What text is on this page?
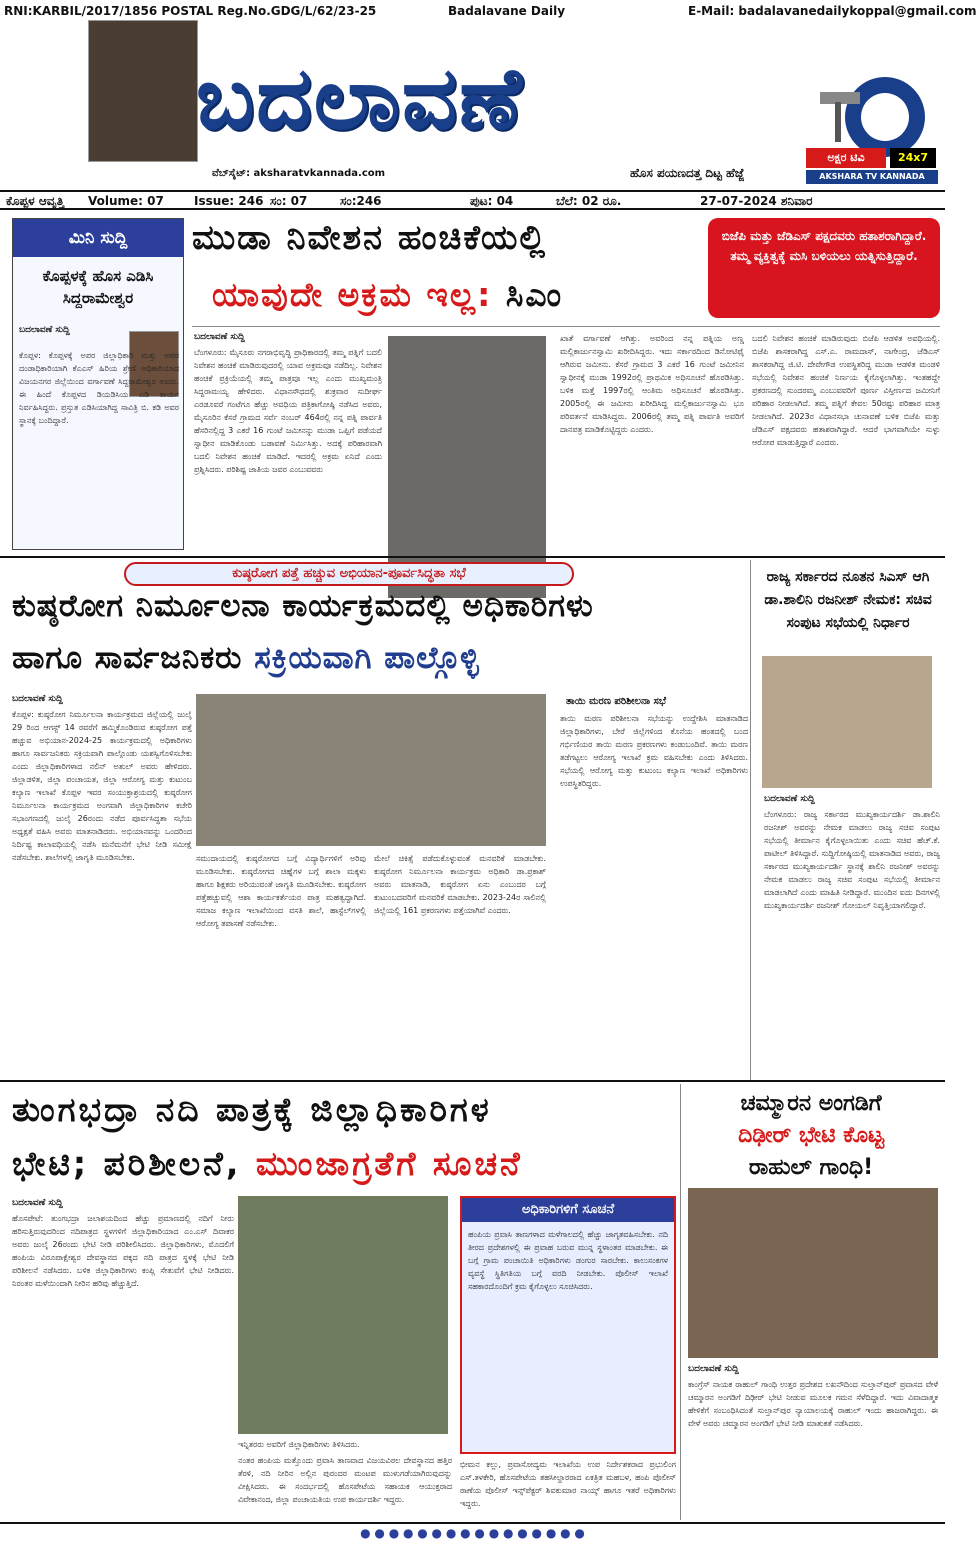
RNI:KARBIL/2017/1856 POSTAL Reg.No.GDG/L/62/23-25	Badalavane Daily	E-Mail: badalavanedailykoppal@gmail.com
ಬದಲಾವಣೆ
ವೆಬ್‌ಸೈಟ್: aksharatvkannada.com	ಹೊಸ ಪಯಣದತ್ತ ದಿಟ್ಟ ಹೆಜ್ಜೆ
ಅಕ್ಷರ ಟಿವಿ	24x7
AKSHARA TV KANNADA
ಕೊಪ್ಪಳ ಆವೃತ್ತಿ Volume: 07	Issue: 246 ಸಂ: 07	ಸಂ:246	ಪುಟ: 04	ಬೆಲೆ: 02 ರೂ.	27-07-2024 ಶನಿವಾರ
ಮಿನಿ ಸುದ್ದಿ
ಕೊಪ್ಪಳಕ್ಕೆ ಹೊಸ ಎಡಿಸಿ ಸಿದ್ದರಾಮೇಶ್ವರ
ಬದಲಾವಣೆ ಸುದ್ದಿ
ಕೊಪ್ಪಳ: ಕೊಪ್ಪಳಕ್ಕೆ ಅಪರ ಜಿಲ್ಲಾಧಿಕಾರಿ ಮತ್ತು ಅಪರ ದಂಡಾಧಿಕಾರಿಯಾಗಿ ಕೆಎಎಸ್ ಹಿರಿಯ ಶ್ರೇಣಿ ಅಧಿಕಾರಿಯಾದ ವಿಜಯನಗರ ಜಿಲ್ಲೆಯಿಂದ ವರ್ಗಾವಣೆ ಸಿದ್ದರಾಮೇಶ್ವರ ಅವರು. ಈ ಹಿಂದೆ ಕೊಪ್ಪಳದ ಡಿಯಡಿಸಿಯ ಎಡಿ ಕಾರ್ಯ ನಿರ್ವಹಿಸಿದ್ದರು. ಪ್ರಸ್ತುತ ಎಡಿಸಿಯಾಗಿದ್ದ ಸಾವಿತ್ರಿ ಬಿ. ಕಡಿ ಅವರ ಸ್ಥಾನಕ್ಕೆ ಬಂದಿದ್ದಾರೆ.
ಮುಡಾ ನಿವೇಶನ ಹಂಚಿಕೆಯಲ್ಲಿ
ಯಾವುದೇ ಅಕ್ರಮ ಇಲ್ಲ: ಸಿಎಂ
ಬಿಜೆಪಿ ಮತ್ತು ಜೆಡಿಎಸ್ ಪಕ್ಷದವರು ಹತಾಶರಾಗಿದ್ದಾರೆ. ತಮ್ಮ ವ್ಯಕ್ತಿತ್ವಕ್ಕೆ ಮಸಿ ಬಳಿಯಲು ಯತ್ನಿಸುತ್ತಿದ್ದಾರೆ.
ಬದಲಾವಣೆ ಸುದ್ದಿ
ಬೆಂಗಳೂರು: ಮೈಸೂರು ನಗರಾಭಿವೃದ್ಧಿ ಪ್ರಾಧಿಕಾರದಲ್ಲಿ ತಮ್ಮ ಪತ್ನಿಗೆ ಬದಲಿ ನಿವೇಶನ ಹಂಚಿಕೆ ಮಾಡಿರುವುದರಲ್ಲಿ ಯಾವ ಅಕ್ರಮವೂ ನಡೆದಿಲ್ಲ. ನಿವೇಶನ ಹಂಚಿಕೆ ಪ್ರಕ್ರಿಯೆಯಲ್ಲಿ ತಮ್ಮ ಪಾತ್ರವೂ ಇಲ್ಲ ಎಂದು ಮುಖ್ಯಮಂತ್ರಿ ಸಿದ್ದರಾಮಯ್ಯ ಹೇಳಿದರು. ವಿಧಾನಸೌಧದಲ್ಲಿ ಶುಕ್ರವಾರ ಸುದೀರ್ಘ ಎರಡೂವರೆ ಗಂಟೆಗೂ ಹೆಚ್ಚು ಅವಧಿಯ ಪತ್ರಿಕಾಗೋಷ್ಠಿ ನಡೆಸಿದ ಅವರು, ಮೈಸೂರಿನ ಕೆಸರೆ ಗ್ರಾಮದ ಸರ್ವೆ ನಂಬರ್ 464ರಲ್ಲಿ ನನ್ನ ಪತ್ನಿ ಪಾರ್ವತಿ ಹೆಸರಿನಲ್ಲಿದ್ದ 3 ಎಕರೆ 16 ಗುಂಟೆ ಜಮೀನನ್ನು ಮುಡಾ ಒಪ್ಪಿಗೆ ಪಡೆಯದೆ ಸ್ವಾಧೀನ ಮಾಡಿಕೊಂಡು ಬಡಾವಣೆ ನಿರ್ಮಿಸಿತ್ತು. ಅದಕ್ಕೆ ಪರಿಹಾರವಾಗಿ ಬದಲಿ ನಿವೇಶನ ಹಂಚಿಕೆ ಮಾಡಿದೆ. ಇದರಲ್ಲಿ ಅಕ್ರಮ ಏನಿದೆ ಎಂದು ಪ್ರಶ್ನಿಸಿದರು. ಪರಿಶಿಷ್ಟ ಜಾತಿಯ ಜವರ ಎಂಬುವವರು
ಖಾತೆ ವರ್ಗಾವಣೆ ಆಗಿತ್ತು. ಅವರಿಂದ ನನ್ನ ಪತ್ನಿಯ ಅಣ್ಣ ಮಲ್ಲಿಕಾರ್ಜುನಸ್ವಾಮಿ ಖರೀದಿಸಿದ್ದರು. ಇದು ಸರ್ಕಾರದಿಂದ ಡಿನೋಟಿಫೈ ಆಗಿರುವ ಜಮೀನು. ಕೆಸರೆ ಗ್ರಾಮದ 3 ಎಕರೆ 16 ಗುಂಟೆ ಜಮೀನಿನ ಸ್ವಾಧೀನಕ್ಕೆ ಮುಡಾ 1992ರಲ್ಲಿ ಪ್ರಾಥಮಿಕ ಅಧಿಸೂಚನೆ ಹೊರಡಿಸಿತ್ತು. ಬಳಿಕ ಮತ್ತೆ 1997ರಲ್ಲಿ ಆಂತಿಮ ಅಧಿಸೂಚನೆ ಹೊರಡಿಸಿತ್ತು. 2005ರಲ್ಲಿ ಈ ಜಮೀನು ಖರೀದಿಸಿದ್ದ ಮಲ್ಲಿಕಾರ್ಜುನಸ್ವಾಮಿ ಭೂ ಪರಿವರ್ತನೆ ಮಾಡಿಸಿದ್ದರು. 2006ರಲ್ಲಿ ತಮ್ಮ ಪತ್ನಿ ಪಾರ್ವತಿ ಅವರಿಗೆ ದಾನಪತ್ರ ಮಾಡಿಕೊಟ್ಟಿದ್ದರು ಎಂದರು.
ಬದಲಿ ನಿವೇಶನ ಹಂಚಿಕೆ ಮಾಡಿರುವುದು ಬಿಜೆಪಿ ಆಡಳಿತ ಅವಧಿಯಲ್ಲಿ. ಬಿಜೆಪಿ ಶಾಸಕರಾಗಿದ್ದ ಎಸ್.ಎ. ರಾಮದಾಸ್, ನಾಗೇಂದ್ರ, ಜೆಡಿಎಸ್ ಶಾಸಕರಾಗಿದ್ದ ಜಿ.ಟಿ. ದೇವೇಗೌಡ ಉಪಸ್ಥಿತರಿದ್ದ ಮುಡಾ ಆಡಳಿತ ಮಂಡಳಿ ಸಭೆಯಲ್ಲಿ ನಿವೇಶನ ಹಂಚಿಕೆ ನಿರ್ಣಯ ಕೈಗೊಳ್ಳಲಾಗಿತ್ತು. ಇಂತಹದ್ದೇ ಪ್ರಕರಣದಲ್ಲಿ ಸುಂದರಮ್ಮ ಎಂಬುವವರಿಗೆ ಪೂರ್ಣ ವಿಸ್ತೀರ್ಣದ ಜಮೀನಿಗೆ ಪರಿಹಾರ ನೀಡಲಾಗಿದೆ. ತಮ್ಮ ಪತ್ನಿಗೆ ಕೇವಲ 50ರಷ್ಟು ಪರಿಹಾರ ಮಾತ್ರ ನೀಡಲಾಗಿದೆ. 2023ರ ವಿಧಾನಸಭಾ ಚುನಾವಣೆ ಬಳಿಕ ಬಿಜೆಪಿ ಮತ್ತು ಜೆಡಿಎಸ್ ಪಕ್ಷದವರು ಹತಾಶರಾಗಿದ್ದಾರೆ. ಆದರೆ ಭಾಗವಾಗಿಯೇ ಸುಳ್ಳು ಆರೋಪ ಮಾಡುತ್ತಿದ್ದಾರೆ ಎಂದರು.
ಕುಷ್ಠರೋಗ ಪತ್ತೆ ಹಚ್ಚುವ ಅಭಿಯಾನ-ಪೂರ್ವಸಿದ್ಧತಾ ಸಭೆ
ಕುಷ್ಠರೋಗ ನಿರ್ಮೂಲನಾ ಕಾರ್ಯಕ್ರಮದಲ್ಲಿ ಅಧಿಕಾರಿಗಳು
ಹಾಗೂ ಸಾರ್ವಜನಿಕರು ಸಕ್ರಿಯವಾಗಿ ಪಾಲ್ಗೊಳ್ಳಿ
ಬದಲಾವಣೆ ಸುದ್ದಿ
ಕೊಪ್ಪಳ: ಕುಷ್ಠರೋಗ ನಿರ್ಮೂಲನಾ ಕಾರ್ಯಕ್ರಮದ ಜಿಲ್ಲೆಯಲ್ಲಿ ಜುಲೈ 29 ರಿಂದ ಆಗಸ್ಟ್ 14 ರವರೆಗೆ ಹಮ್ಮಿಕೊಂಡಿರುವ ಕುಷ್ಠರೋಗ ಪತ್ತೆ ಹಚ್ಚುವ ಅಭಿಯಾನ-2024-25 ಕಾರ್ಯಕ್ರಮದಲ್ಲಿ ಅಧಿಕಾರಿಗಳು ಹಾಗೂ ಸಾರ್ವಜನಿಕರು ಸಕ್ರಿಯವಾಗಿ ಪಾಲ್ಗೊಂಡು ಯಶಸ್ವಿಗೊಳಿಸಬೇಕು ಎಂದು ಜಿಲ್ಲಾಧಿಕಾರಿಗಳಾದ ನಲಿನ್ ಅತುಲ್ ಅವರು ಹೇಳಿದರು. ಜಿಲ್ಲಾಡಳಿತ, ಜಿಲ್ಲಾ ಪಂಚಾಯತ, ಜಿಲ್ಲಾ ಆರೋಗ್ಯ ಮತ್ತು ಕುಟುಂಬ ಕಲ್ಯಾಣ ಇಲಾಖೆ ಕೊಪ್ಪಳ ಇವರ ಸಂಯುಕ್ತಾಶ್ರಯದಲ್ಲಿ ಕುಷ್ಠರೋಗ ನಿರ್ಮೂಲನಾ ಕಾರ್ಯಕ್ರಮದ ಅಂಗವಾಗಿ ಜಿಲ್ಲಾಧಿಕಾರಿಗಳ ಕಚೇರಿ ಸಭಾಂಗಣದಲ್ಲಿ ಜುಲೈ 26ರಂದು ನಡೆದ ಪೂರ್ವಸಿದ್ಧತಾ ಸಭೆಯ ಅಧ್ಯಕ್ಷತೆ ವಹಿಸಿ ಅವರು ಮಾತನಾಡಿದರು. ಅಭಿಯಾನವನ್ನು ಒಂದರಿಂದ ನಿರ್ದಿಷ್ಟ ಕಾಲಾವಧಿಯಲ್ಲಿ ನಡೆಸಿ ಮನೆಮನೆಗೆ ಭೇಟಿ ನೀಡಿ ಸಮೀಕ್ಷೆ ನಡೆಸಬೇಕು. ಶಾಲೆಗಳಲ್ಲಿ ಜಾಗೃತಿ ಮೂಡಿಸಬೇಕು.	ಸಮುದಾಯದಲ್ಲಿ ಕುಷ್ಠರೋಗದ ಬಗ್ಗೆ ವಿದ್ಯಾರ್ಥಿಗಳಿಗೆ ಅರಿವು ಮೂಡಿಸಬೇಕು. ಕುಷ್ಠರೋಗದ ಚಿಹ್ನೆಗಳ ಬಗ್ಗೆ ಶಾಲಾ ಮಕ್ಕಳು ಹಾಗೂ ಶಿಕ್ಷಕರು ಅರಿಯುವಂತೆ ಜಾಗೃತಿ ಮೂಡಿಸಬೇಕು. ಕುಷ್ಠರೋಗ ಪತ್ತೆಹಚ್ಚುವಲ್ಲಿ ಆಶಾ ಕಾರ್ಯಕರ್ತೆಯರ ಪಾತ್ರ ಮಹತ್ವದ್ದಾಗಿದೆ. ಸಮಾಜ ಕಲ್ಯಾಣ ಇಲಾಖೆಯಿಂದ ವಸತಿ ಶಾಲೆ, ಹಾಸ್ಟೆಲ್‌ಗಳಲ್ಲಿ ಆರೋಗ್ಯ ತಪಾಸಣೆ ನಡೆಸಬೇಕು.
ಮೇಲೆ ಚಿಕಿತ್ಸೆ ಪಡೆದುಕೊಳ್ಳುವಂತೆ ಮನವರಿಕೆ ಮಾಡಬೇಕು. ಕುಷ್ಠರೋಗ ನಿರ್ಮೂಲನಾ ಕಾರ್ಯಕ್ರಮ ಅಧಿಕಾರಿ ಡಾ.ಪ್ರಕಾಶ್ ಅವರು ಮಾತನಾಡಿ, ಕುಷ್ಠರೋಗ ಏನು ಎಂಬುದರ ಬಗ್ಗೆ ಕುಟುಂಬದವರಿಗೆ ಮನವರಿಕೆ ಮಾಡಬೇಕು. 2023-24ರ ಸಾಲಿನಲ್ಲಿ ಜಿಲ್ಲೆಯಲ್ಲಿ 161 ಪ್ರಕರಣಗಳು ಪತ್ತೆಯಾಗಿವೆ ಎಂದರು.
ತಾಯಿ ಮರಣ ಪರಿಶೀಲನಾ ಸಭೆ
ತಾಯಿ ಮರಣ ಪರಿಶೀಲನಾ ಸಭೆಯನ್ನು ಉದ್ದೇಶಿಸಿ ಮಾತನಾಡಿದ ಜಿಲ್ಲಾಧಿಕಾರಿಗಳು, ಬೇರೆ ಜಿಲ್ಲೆಗಳಿಂದ ಕೊನೆಯ ಹಂತದಲ್ಲಿ ಬಂದ ಗರ್ಭಿಣಿಯರ ತಾಯಿ ಮರಣ ಪ್ರಕರಣಗಳು ಕಂಡುಬಂದಿವೆ. ತಾಯಿ ಮರಣ ತಡೆಗಟ್ಟಲು ಆರೋಗ್ಯ ಇಲಾಖೆ ಕ್ರಮ ವಹಿಸಬೇಕು ಎಂದು ತಿಳಿಸಿದರು. ಸಭೆಯಲ್ಲಿ ಆರೋಗ್ಯ ಮತ್ತು ಕುಟುಂಬ ಕಲ್ಯಾಣ ಇಲಾಖೆ ಅಧಿಕಾರಿಗಳು ಉಪಸ್ಥಿತರಿದ್ದರು.
ರಾಜ್ಯ ಸರ್ಕಾರದ ನೂತನ ಸಿಎಸ್ ಆಗಿ ಡಾ.ಶಾಲಿನಿ ರಜನೀಶ್ ನೇಮಕ: ಸಚಿವ ಸಂಪುಟ ಸಭೆಯಲ್ಲಿ ನಿರ್ಧಾರ
ಬದಲಾವಣೆ ಸುದ್ದಿ
ಬೆಂಗಳೂರು: ರಾಜ್ಯ ಸರ್ಕಾರದ ಮುಖ್ಯಕಾರ್ಯದರ್ಶಿ ಡಾ.ಶಾಲಿನಿ ರಜನೀಶ್ ಅವರನ್ನು ನೇಮಕ ಮಾಡಲು ರಾಜ್ಯ ಸಚಿವ ಸಂಪುಟ ಸಭೆಯಲ್ಲಿ ತೀರ್ಮಾನ ಕೈಗೊಳ್ಳಲಾಯಿತು ಎಂದು ಸಚಿವ ಹೆಚ್.ಕೆ. ಪಾಟೀಲ್ ತಿಳಿಸಿದ್ದಾರೆ. ಸುದ್ದಿಗೋಷ್ಠಿಯಲ್ಲಿ ಮಾತನಾಡಿದ ಅವರು, ರಾಜ್ಯ ಸರ್ಕಾರದ ಮುಖ್ಯಕಾರ್ಯದರ್ಶಿ ಸ್ಥಾನಕ್ಕೆ ಶಾಲಿನಿ ರಜನೀಶ್ ಅವರನ್ನು ನೇಮಕ ಮಾಡಲು ರಾಜ್ಯ ಸಚಿವ ಸಂಪುಟ ಸಭೆಯಲ್ಲಿ ತೀರ್ಮಾನ ಮಾಡಲಾಗಿದೆ ಎಂದು ಮಾಹಿತಿ ನೀಡಿದ್ದಾರೆ. ಮುಂದಿನ ಐದು ದಿನಗಳಲ್ಲಿ ಮುಖ್ಯಕಾರ್ಯದರ್ಶಿ ರಜನೀಶ್ ಗೋಯಲ್ ನಿವೃತ್ತಿಯಾಗಲಿದ್ದಾರೆ.
ತುಂಗಭದ್ರಾ ನದಿ ಪಾತ್ರಕ್ಕೆ ಜಿಲ್ಲಾಧಿಕಾರಿಗಳ
ಭೇಟಿ; ಪರಿಶೀಲನೆ, ಮುಂಜಾಗ್ರತೆಗೆ ಸೂಚನೆ
ಬದಲಾವಣೆ ಸುದ್ದಿ
ಹೊಸಪೇಟೆ: ತುಂಗಭದ್ರಾ ಜಲಾಶಯದಿಂದ ಹೆಚ್ಚು ಪ್ರಮಾಣದಲ್ಲಿ ನದಿಗೆ ನೀರು ಹರಿಸುತ್ತಿರುವುದರಿಂದ ನದಿಪಾತ್ರದ ಸ್ಥಳಗಳಿಗೆ ಜಿಲ್ಲಾಧಿಕಾರಿಯಾದ ಎಂ.ಎಸ್ ದಿವಾಕರ ಅವರು ಜುಲೈ 26ರಂದು ಭೇಟಿ ನೀಡಿ ಪರಿಶೀಲಿಸಿದರು. ಜಿಲ್ಲಾಧಿಕಾರಿಗಳು, ಮೊದಲಿಗೆ ಹಂಪಿಯ ವಿರೂಪಾಕ್ಷೇಶ್ವರ ದೇವಸ್ಥಾನದ ಪಕ್ಕದ ನದಿ ಪಾತ್ರದ ಸ್ಥಳಕ್ಕೆ ಭೇಟಿ ನೀಡಿ ಪರಿಶೀಲನೆ ನಡೆಸಿದರು. ಬಳಿಕ ಜಿಲ್ಲಾಧಿಕಾರಿಗಳು ಕಂಪ್ಲಿ ಸೇತುವೆಗೆ ಭೇಟಿ ನೀಡಿದರು. ನಿರಂತರ ಮಳೆಯಿಂದಾಗಿ ನೀರಿನ ಹರಿವು ಹೆಚ್ಚುತ್ತಿದೆ.
ಇನ್ನಿತರರು ಅವರಿಗೆ ಜಿಲ್ಲಾಧಿಕಾರಿಗಳು ತಿಳಿಸಿದರು.
ನಂತರ ಹಂಪಿಯ ಮತ್ತೊಂದು ಪ್ರವಾಸಿ ತಾಣವಾದ ವಿಜಯವಿಠಲ ದೇವಸ್ಥಾನದ ಹತ್ತಿರ ತೆರಳಿ, ನದಿ ನೀರಿನ ಅಲ್ಲಿನ ಪುರಂದರ ಮಂಟಪ ಮುಳುಗಡೆಯಾಗಿರುವುದನ್ನು ವೀಕ್ಷಿಸಿದರು. ಈ ಸಂದರ್ಭದಲ್ಲಿ ಹೊಸಪೇಟೆಯ ಸಹಾಯಕ ಆಯುಕ್ತರಾದ ವಿವೇಕಾನಂದ, ಜಿಲ್ಲಾ ಪಂಚಾಯತಿಯ ಉಪ ಕಾರ್ಯದರ್ಶಿ ಇದ್ದರು.
ಅಧಿಕಾರಿಗಳಿಗೆ ಸೂಚನೆ
ಹಂಪಿಯ ಪ್ರವಾಸಿ ತಾಣಗಳಾದ ಮಳೆಗಾಲದಲ್ಲಿ ಹೆಚ್ಚು ಜಾಗೃತವಹಿಸಬೇಕು. ನದಿ ತೀರದ ಪ್ರದೇಶಗಳಲ್ಲಿ ಈ ಪ್ರವಾಹ ಬರುವ ಮುನ್ನ ಸ್ಥಳಾಂತರ ಮಾಡಬೇಕು. ಈ ಬಗ್ಗೆ ಗ್ರಾಮ ಪಂಚಾಯಿತಿ ಅಧಿಕಾರಿಗಳು ಡಂಗುರ ಸಾರಬೇಕು. ಕಾಲುಸಂಕಗಳ ವ್ಯವಸ್ಥೆ ಸ್ಥಿತಿಗತಿಯ ಬಗ್ಗೆ ವರದಿ ನೀಡಬೇಕು. ಪೊಲೀಸ್ ಇಲಾಖೆ ಸಹಕಾರದೊಂದಿಗೆ ಕ್ರಮ ಕೈಗೊಳ್ಳಲು ಸೂಚಿಸಿದರು.
ಭೀಮನ ಕಲ್ಲು, ಪ್ರವಾಸೋದ್ಯಮ ಇಲಾಖೆಯ ಉಪ ನಿರ್ದೇಶಕರಾದ ಪ್ರಭುಲಿಂಗ ಎಸ್.ತಳಕೇರಿ, ಹೊಸಪೇಟೆಯ ತಹಸೀಲ್ದಾರರಾದ ಏಕತ್ರಿತ ಮಹಬಳ, ಹಂಪಿ ಪೊಲೀಸ್ ಠಾಣೆಯ ಪೊಲೀಸ್ ಇನ್ಸ್‌ಪೆಕ್ಟರ್ ಶಿವಕುಮಾರ ನಾಯ್ಕ್ ಹಾಗೂ ಇತರೆ ಅಧಿಕಾರಿಗಳು ಇದ್ದರು.
ಚಮ್ಮಾರನ ಅಂಗಡಿಗೆ
ದಿಢೀರ್ ಭೇಟಿ ಕೊಟ್ಟ
ರಾಹುಲ್ ಗಾಂಧಿ!
ಬದಲಾವಣೆ ಸುದ್ದಿ
ಕಾಂಗ್ರೆಸ್ ನಾಯಕ ರಾಹುಲ್ ಗಾಂಧಿ ಉತ್ತರ ಪ್ರದೇಶದ ಲಖನೌದಿಂದ ಸುಲ್ತಾನ್‌ಪುರ್ ಪ್ರವಾಸದ ವೇಳೆ ಚಮ್ಮಾರನ ಅಂಗಡಿಗೆ ದಿಢೀರ್ ಭೇಟಿ ನೀಡುವ ಮೂಲಕ ಗಮನ ಸೆಳೆದಿದ್ದಾರೆ. ಇದು ವಿವಾದಾತ್ಮಕ ಹೇಳಿಕೆಗೆ ಸಂಬಂಧಿಸಿದಂತೆ ಸುಲ್ತಾನ್‌ಪುರ ನ್ಯಾಯಾಲಯಕ್ಕೆ ರಾಹುಲ್ ಇಂದು ಹಾಜರಾಗಿದ್ದರು. ಈ ವೇಳೆ ಅವರು ಚಮ್ಮಾರನ ಅಂಗಡಿಗೆ ಭೇಟಿ ನೀಡಿ ಮಾತುಕತೆ ನಡೆಸಿದರು.
● ● ● ● ● ● ● ● ● ● ● ● ● ● ● ●
